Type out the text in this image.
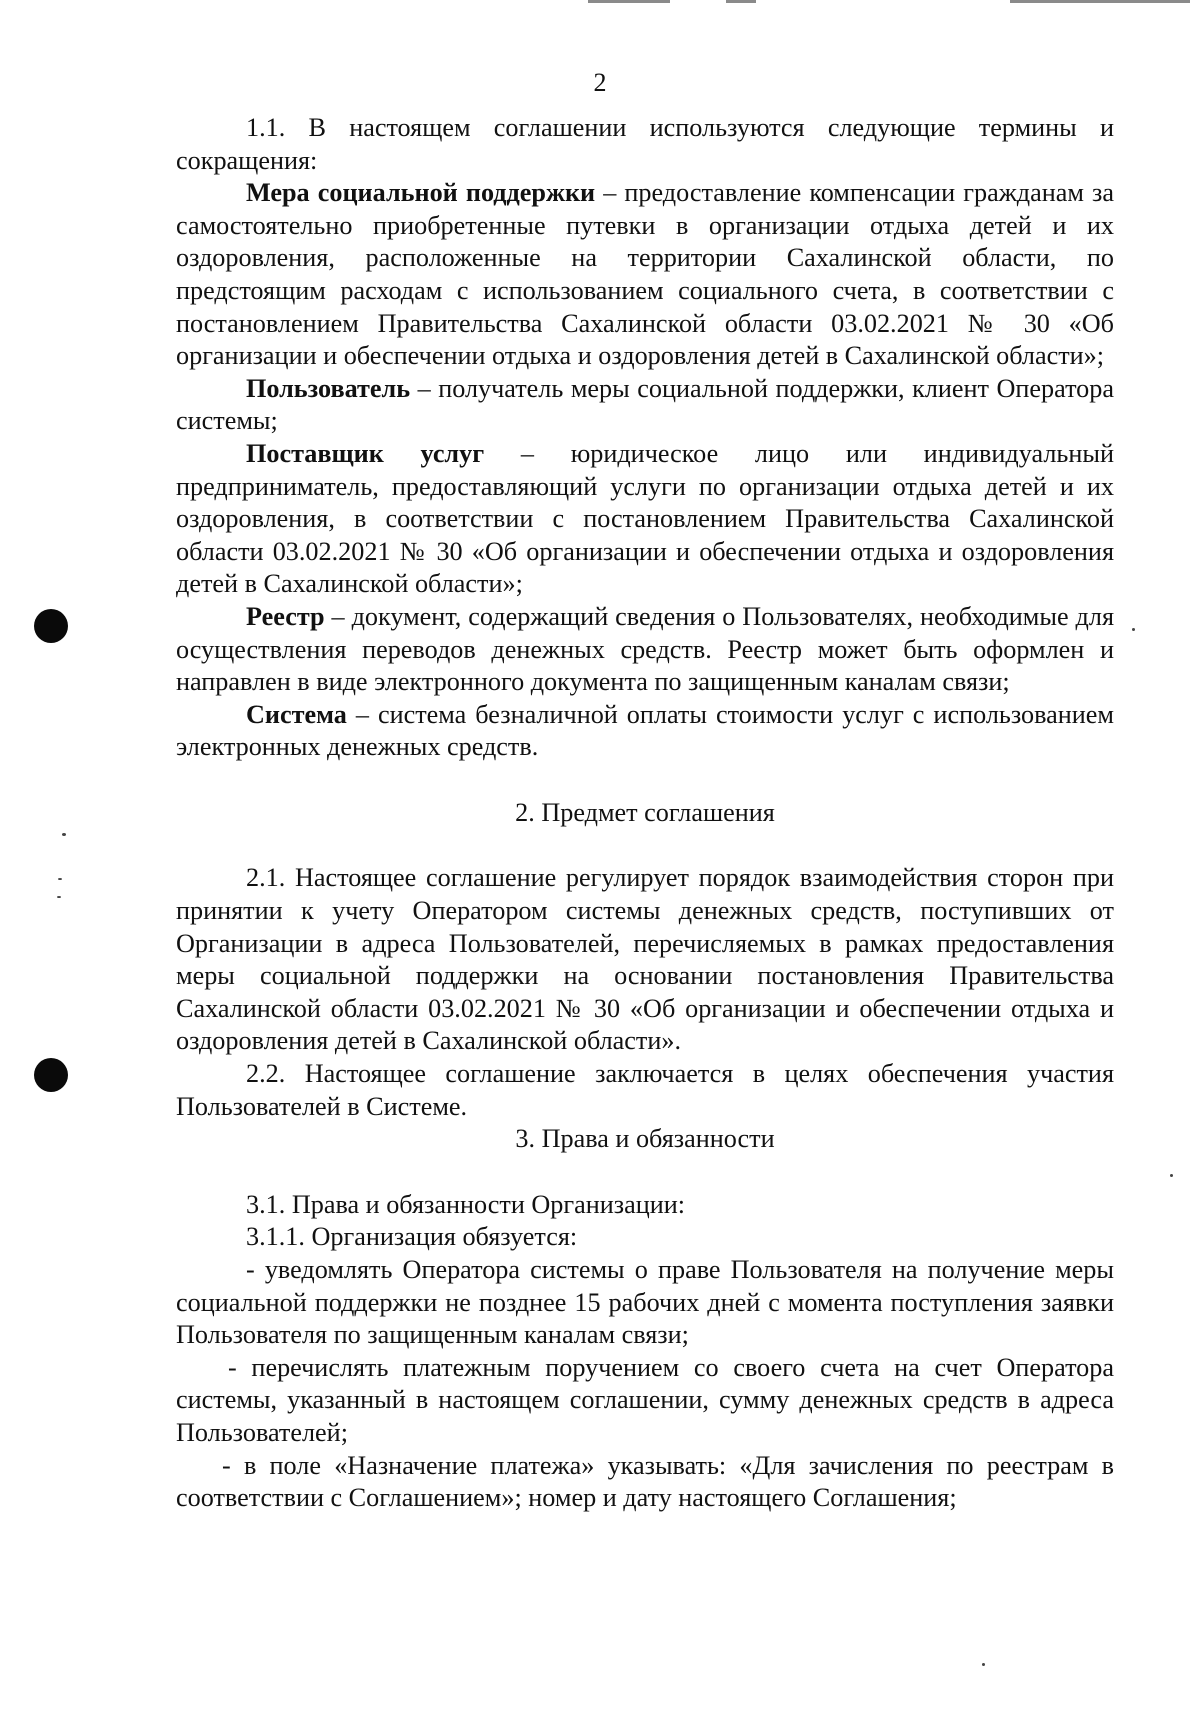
2

1.1. В настоящем соглашении используются следующие термины и сокращения:

Мера социальной поддержки – предоставление компенсации гражданам за самостоятельно приобретенные путевки в организации отдыха детей и их оздоровления, расположенные на территории Сахалинской области, по предстоящим расходам с использованием социального счета, в соответствии с постановлением Правительства Сахалинской области 03.02.2021 № 30 «Об организации и обеспечении отдыха и оздоровления детей в Сахалинской области»;

Пользователь – получатель меры социальной поддержки, клиент Оператора системы;

Поставщик услуг – юридическое лицо или индивидуальный предприниматель, предоставляющий услуги по организации отдыха детей и их оздоровления, в соответствии с постановлением Правительства Сахалинской области 03.02.2021 № 30 «Об организации и обеспечении отдыха и оздоровления детей в Сахалинской области»;

Реестр – документ, содержащий сведения о Пользователях, необходимые для осуществления переводов денежных средств. Реестр может быть оформлен и направлен в виде электронного документа по защищенным каналам связи;

Система – система безналичной оплаты стоимости услуг с использованием электронных денежных средств.

2. Предмет соглашения

2.1. Настоящее соглашение регулирует порядок взаимодействия сторон при принятии к учету Оператором системы денежных средств, поступивших от Организации в адреса Пользователей, перечисляемых в рамках предоставления меры социальной поддержки на основании постановления Правительства Сахалинской области 03.02.2021 № 30 «Об организации и обеспечении отдыха и оздоровления детей в Сахалинской области».

2.2. Настоящее соглашение заключается в целях обеспечения участия Пользователей в Системе.

3. Права и обязанности

3.1. Права и обязанности Организации:

3.1.1. Организация обязуется:

- уведомлять Оператора системы о праве Пользователя на получение меры социальной поддержки не позднее 15 рабочих дней с момента поступления заявки Пользователя по защищенным каналам связи;

- перечислять платежным поручением со своего счета на счет Оператора системы, указанный в настоящем соглашении, сумму денежных средств в адреса Пользователей;

- в поле «Назначение платежа» указывать: «Для зачисления по реестрам в соответствии с Соглашением»; номер и дату настоящего Соглашения;
